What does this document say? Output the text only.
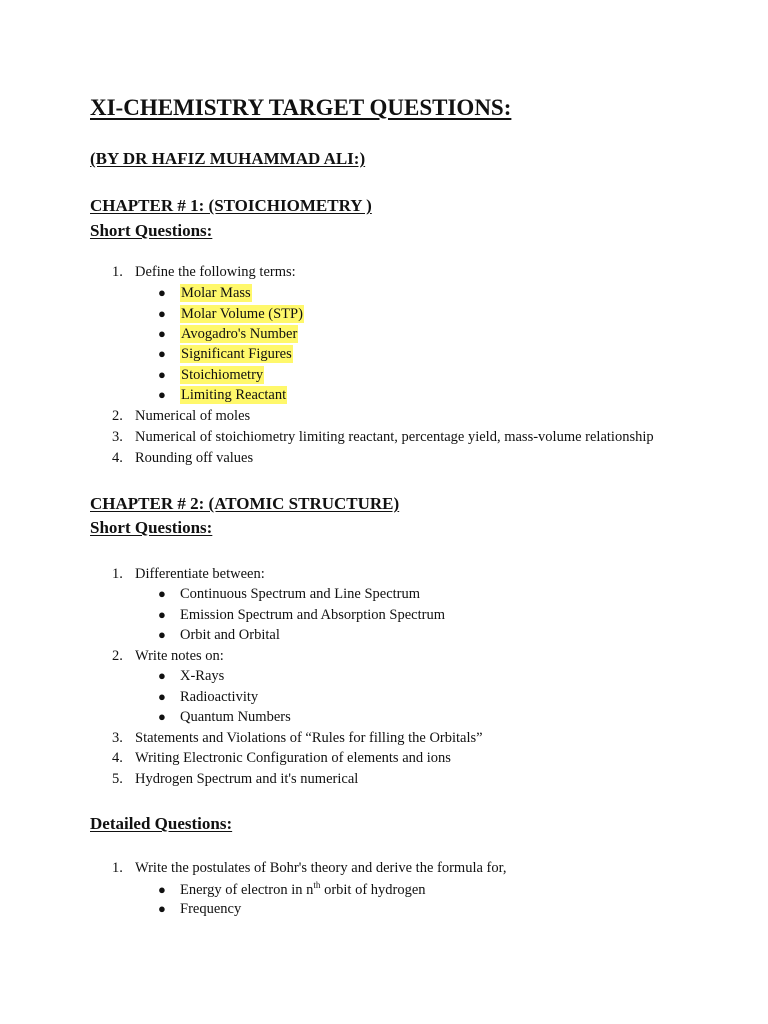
XI-CHEMISTRY TARGET QUESTIONS:
(BY DR HAFIZ MUHAMMAD ALI:)
CHAPTER # 1: (STOICHIOMETRY )
Short Questions:
1. Define the following terms:
● Molar Mass
● Molar Volume (STP)
● Avogadro's Number
● Significant Figures
● Stoichiometry
● Limiting Reactant
2. Numerical of moles
3. Numerical of stoichiometry limiting reactant, percentage yield, mass-volume relationship
4. Rounding off values
CHAPTER # 2: (ATOMIC STRUCTURE)
Short Questions:
1. Differentiate between:
● Continuous Spectrum and Line Spectrum
● Emission Spectrum and Absorption Spectrum
● Orbit and Orbital
2. Write notes on:
● X-Rays
● Radioactivity
● Quantum Numbers
3. Statements and Violations of “Rules for filling the Orbitals”
4. Writing Electronic Configuration of elements and ions
5. Hydrogen Spectrum and it's numerical
Detailed Questions:
1. Write the postulates of Bohr's theory and derive the formula for,
● Energy of electron in $n^{th}$ orbit of hydrogen
● Frequency
